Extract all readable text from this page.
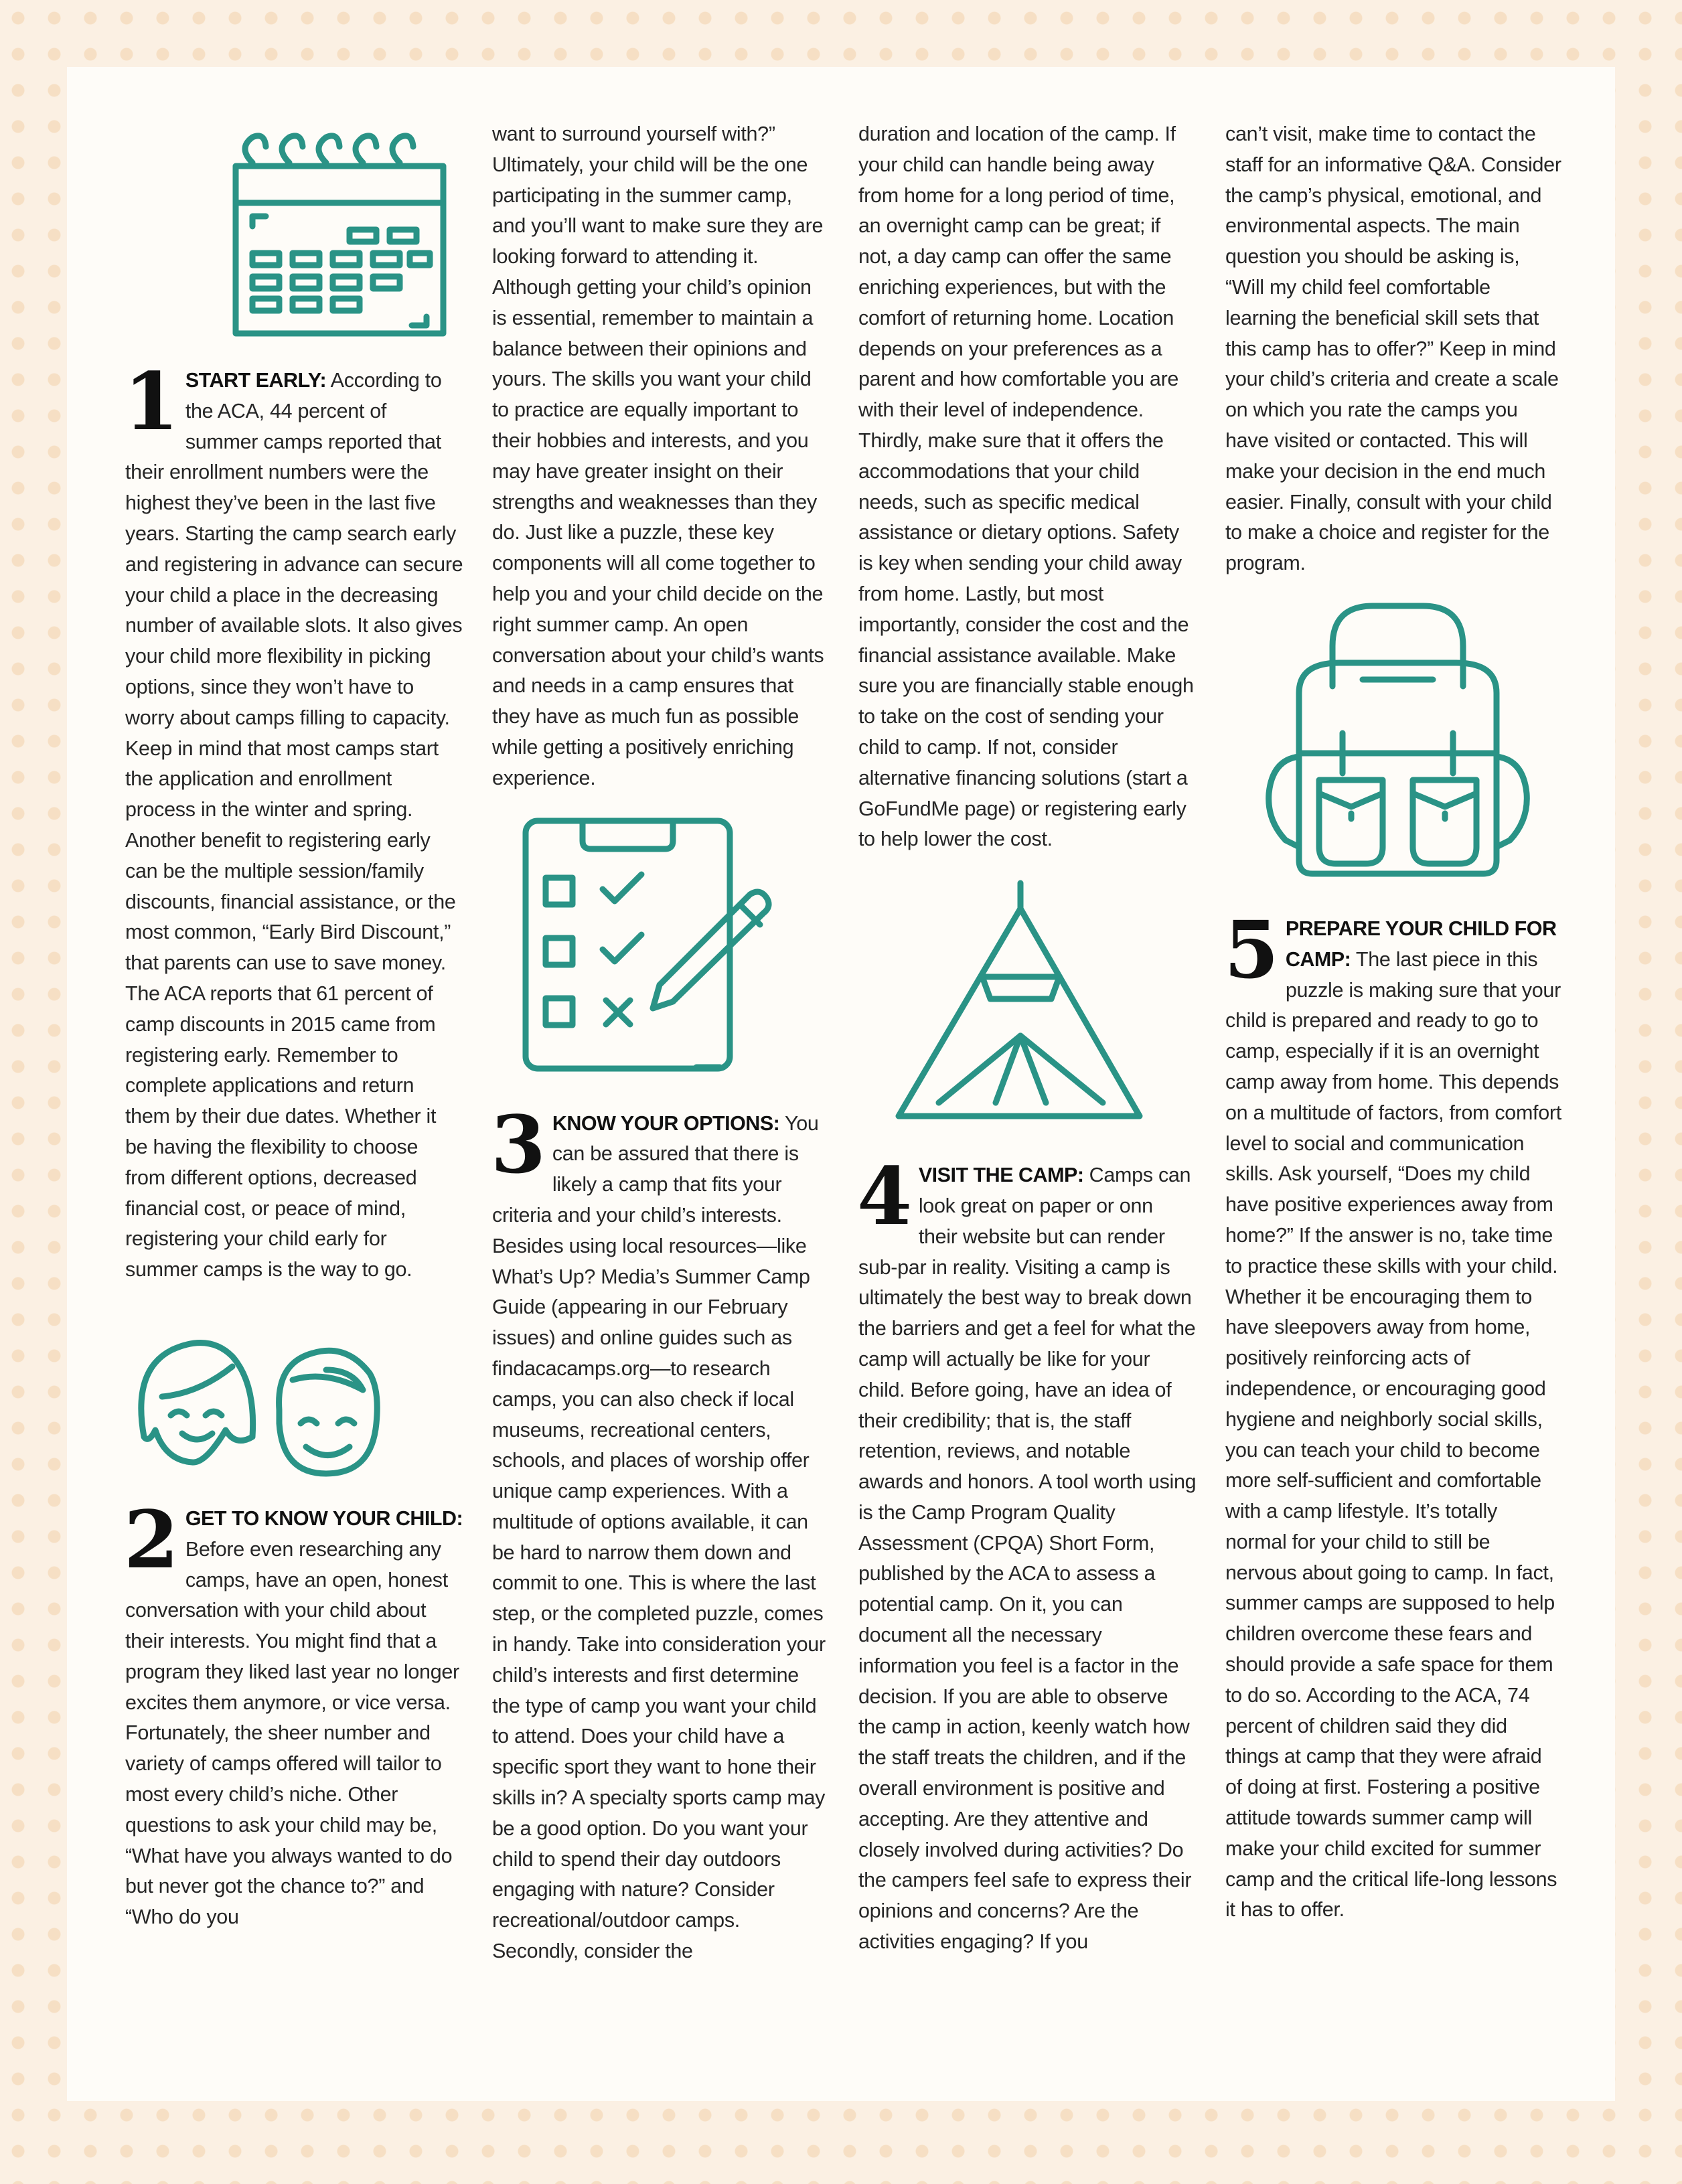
1 START EARLY: According to the ACA, 44 percent of summer camps reported that their enrollment numbers were the highest they’ve been in the last five years. Starting the camp search early and registering in advance can secure your child a place in the decreasing number of available slots. It also gives your child more flexibility in picking options, since they won’t have to worry about camps filling to capacity. Keep in mind that most camps start the application and enrollment process in the winter and spring. Another benefit to registering early can be the multiple session/family discounts, financial assistance, or the most common, “Early Bird Discount,” that parents can use to save money. The ACA reports that 61 percent of camp discounts in 2015 came from registering early. Remember to complete applications and return them by their due dates. Whether it be having the flexibility to choose from different options, decreased financial cost, or peace of mind, registering your child early for summer camps is the way to go.

2 GET TO KNOW YOUR CHILD: Before even researching any camps, have an open, honest conversation with your child about their interests. You might find that a program they liked last year no longer excites them anymore, or vice versa. Fortunately, the sheer number and variety of camps offered will tailor to most every child’s niche. Other questions to ask your child may be, “What have you always wanted to do but never got the chance to?” and “Who do you

want to surround yourself with?” Ultimately, your child will be the one participating in the summer camp, and you’ll want to make sure they are looking forward to attending it. Although getting your child’s opinion is essential, remember to maintain a balance between their opinions and yours. The skills you want your child to practice are equally important to their hobbies and interests, and you may have greater insight on their strengths and weaknesses than they do. Just like a puzzle, these key components will all come together to help you and your child decide on the right summer camp. An open conversation about your child’s wants and needs in a camp ensures that they have as much fun as possible while getting a positively enriching experience.

3 KNOW YOUR OPTIONS: You can be assured that there is likely a camp that fits your criteria and your child’s interests. Besides using local resources—like What’s Up? Media’s Summer Camp Guide (appearing in our February issues) and online guides such as findacacamps.org—to research camps, you can also check if local museums, recreational centers, schools, and places of worship offer unique camp experiences. With a multitude of options available, it can be hard to narrow them down and commit to one. This is where the last step, or the completed puzzle, comes in handy. Take into consideration your child’s interests and first determine the type of camp you want your child to attend. Does your child have a specific sport they want to hone their skills in? A specialty sports camp may be a good option. Do you want your child to spend their day outdoors engaging with nature? Consider recreational/outdoor camps. Secondly, consider the

duration and location of the camp. If your child can handle being away from home for a long period of time, an overnight camp can be great; if not, a day camp can offer the same enriching experiences, but with the comfort of returning home. Location depends on your preferences as a parent and how comfortable you are with their level of independence. Thirdly, make sure that it offers the accommodations that your child needs, such as specific medical assistance or dietary options. Safety is key when sending your child away from home. Lastly, but most importantly, consider the cost and the financial assistance available. Make sure you are financially stable enough to take on the cost of sending your child to camp. If not, consider alternative financing solutions (start a GoFundMe page) or registering early to help lower the cost.

4 VISIT THE CAMP: Camps can look great on paper or onn their website but can render sub-par in reality. Visiting a camp is ultimately the best way to break down the barriers and get a feel for what the camp will actually be like for your child. Before going, have an idea of their credibility; that is, the staff retention, reviews, and notable awards and honors. A tool worth using is the Camp Program Quality Assessment (CPQA) Short Form, published by the ACA to assess a potential camp. On it, you can document all the necessary information you feel is a factor in the decision. If you are able to observe the camp in action, keenly watch how the staff treats the children, and if the overall environment is positive and accepting. Are they attentive and closely involved during activities? Do the campers feel safe to express their opinions and concerns? Are the activities engaging? If you

can’t visit, make time to contact the staff for an informative Q&A. Consider the camp’s physical, emotional, and environmental aspects. The main question you should be asking is, “Will my child feel comfortable learning the beneficial skill sets that this camp has to offer?” Keep in mind your child’s criteria and create a scale on which you rate the camps you have visited or contacted. This will make your decision in the end much easier. Finally, consult with your child to make a choice and register for the program.

5 PREPARE YOUR CHILD FOR CAMP: The last piece in this puzzle is making sure that your child is prepared and ready to go to camp, especially if it is an overnight camp away from home. This depends on a multitude of factors, from comfort level to social and communication skills. Ask yourself, “Does my child have positive experiences away from home?” If the answer is no, take time to practice these skills with your child. Whether it be encouraging them to have sleepovers away from home, positively reinforcing acts of independence, or encouraging good hygiene and neighborly social skills, you can teach your child to become more self-sufficient and comfortable with a camp lifestyle. It’s totally normal for your child to still be nervous about going to camp. In fact, summer camps are supposed to help children overcome these fears and should provide a safe space for them to do so. According to the ACA, 74 percent of children said they did things at camp that they were afraid of doing at first. Fostering a positive attitude towards summer camp will make your child excited for summer camp and the critical life-long lessons it has to offer.
